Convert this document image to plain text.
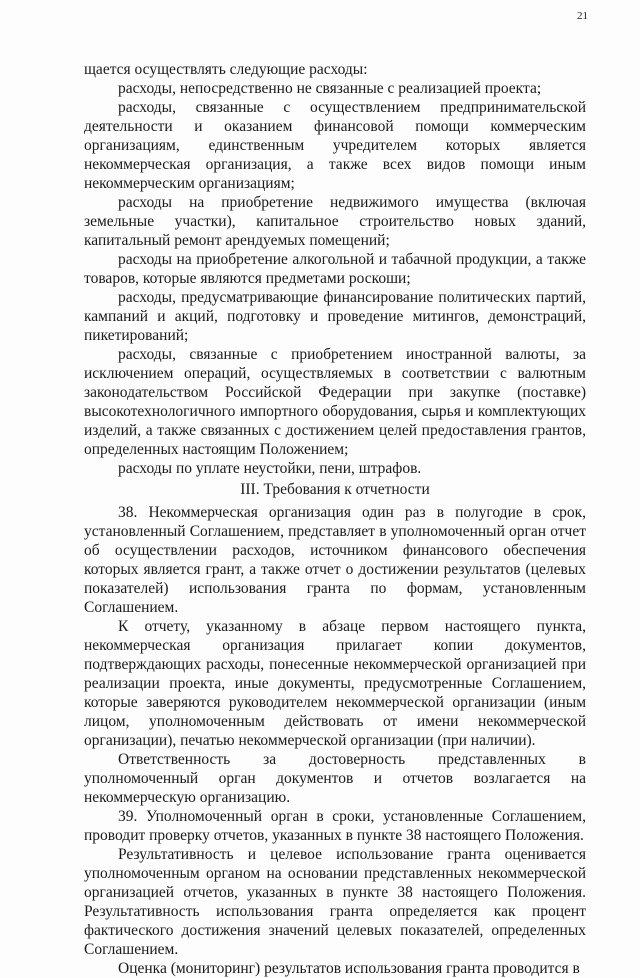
21

щается осуществлять следующие расходы:

расходы, непосредственно не связанные с реализацией проекта;

расходы, связанные с осуществлением предпринимательской деятельности и оказанием финансовой помощи коммерческим организациям, единственным учредителем которых является некоммерческая организация, а также всех видов помощи иным некоммерческим организациям;

расходы на приобретение недвижимого имущества (включая земельные участки), капитальное строительство новых зданий, капитальный ремонт арендуемых помещений;

расходы на приобретение алкогольной и табачной продукции, а также товаров, которые являются предметами роскоши;

расходы, предусматривающие финансирование политических партий, кампаний и акций, подготовку и проведение митингов, демонстраций, пикетирований;

расходы, связанные с приобретением иностранной валюты, за исключением операций, осуществляемых в соответствии с валютным законодательством Российской Федерации при закупке (поставке) высокотехнологичного импортного оборудования, сырья и комплектующих изделий, а также связанных с достижением целей предоставления грантов, определенных настоящим Положением;

расходы по уплате неустойки, пени, штрафов.

III. Требования к отчетности

38. Некоммерческая организация один раз в полугодие в срок, установленный Соглашением, представляет в уполномоченный орган отчет об осуществлении расходов, источником финансового обеспечения которых является грант, а также отчет о достижении результатов (целевых показателей) использования гранта по формам, установленным Соглашением.

К отчету, указанному в абзаце первом настоящего пункта, некоммерческая организация прилагает копии документов, подтверждающих расходы, понесенные некоммерческой организацией при реализации проекта, иные документы, предусмотренные Соглашением, которые заверяются руководителем некоммерческой организации (иным лицом, уполномоченным действовать от имени некоммерческой организации), печатью некоммерческой организации (при наличии).

Ответственность за достоверность представленных в уполномоченный орган документов и отчетов возлагается на некоммерческую организацию.

39. Уполномоченный орган в сроки, установленные Соглашением, проводит проверку отчетов, указанных в пункте 38 настоящего Положения.

Результативность и целевое использование гранта оценивается уполномоченным органом на основании представленных некоммерческой организацией отчетов, указанных в пункте 38 настоящего Положения. Результативность использования гранта определяется как процент фактического достижения значений целевых показателей, определенных Соглашением.

Оценка (мониторинг) результатов использования гранта проводится в
